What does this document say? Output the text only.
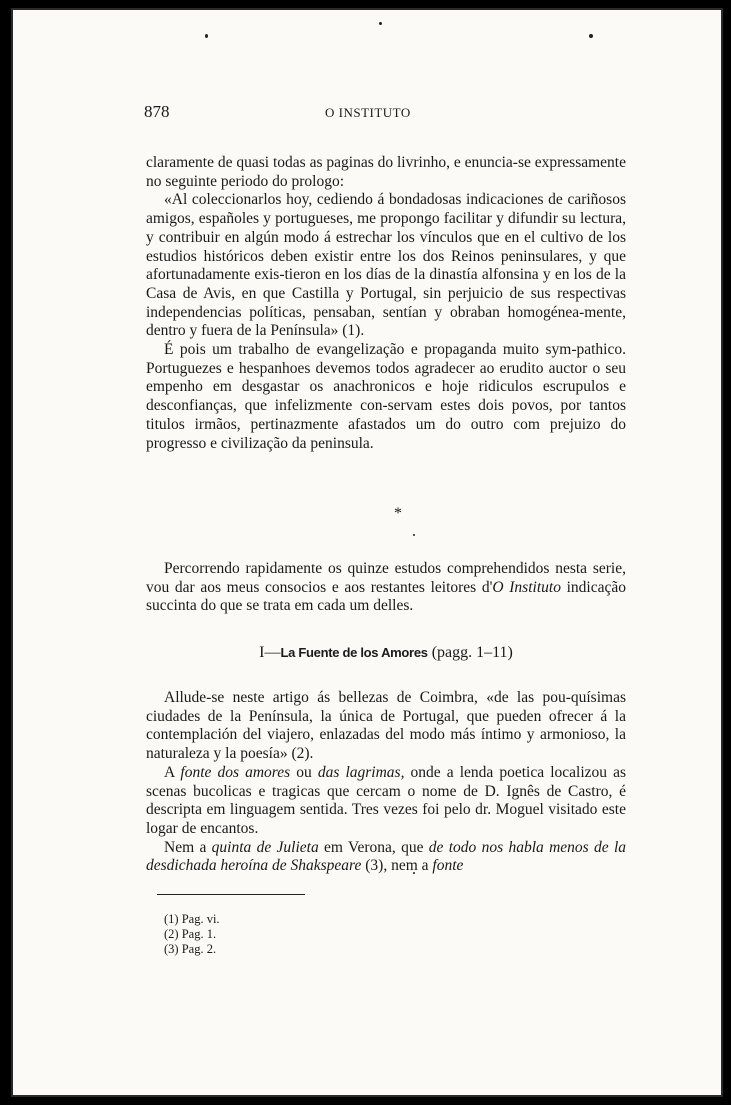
878	O INSTITUTO

claramente de quasi todas as paginas do livrinho, e enuncia-se expressamente no seguinte periodo do prologo:

«Al coleccionarlos hoy, cediendo á bondadosas indicaciones de cariñosos amigos, españoles y portugueses, me propongo facilitar y difundir su lectura, y contribuir en algún modo á estrechar los vínculos que en el cultivo de los estudios históricos deben existir entre los dos Reinos peninsulares, y que afortunadamente exis-tieron en los días de la dinastía alfonsina y en los de la Casa de Avis, en que Castilla y Portugal, sin perjuicio de sus respectivas independencias políticas, pensaban, sentían y obraban homogénea-mente, dentro y fuera de la Península» (1).

É pois um trabalho de evangelização e propaganda muito sym-pathico. Portuguezes e hespanhoes devemos todos agradecer ao erudito auctor o seu empenho em desgastar os anachronicos e hoje ridiculos escrupulos e desconfianças, que infelizmente con-servam estes dois povos, por tantos titulos irmãos, pertinazmente afastados um do outro com prejuizo do progresso e civilização da peninsula.

*

Percorrendo rapidamente os quinze estudos comprehendidos nesta serie, vou dar aos meus consocios e aos restantes leitores d'O Instituto indicação succinta do que se trata em cada um delles.

I—La Fuente de los Amores (pagg. 1–11)

Allude-se neste artigo ás bellezas de Coimbra, «de las pou-quísimas ciudades de la Península, la única de Portugal, que pueden ofrecer á la contemplación del viajero, enlazadas del modo más íntimo y armonioso, la naturaleza y la poesía» (2).

A fonte dos amores ou das lagrimas, onde a lenda poetica localizou as scenas bucolicas e tragicas que cercam o nome de D. Ignês de Castro, é descripta em linguagem sentida. Tres vezes foi pelo dr. Moguel visitado este logar de encantos.

Nem a quinta de Julieta em Verona, que de todo nos habla menos de la desdichada heroína de Shakspeare (3), nem a fonte

(1) Pag. vi.
(2) Pag. 1.
(3) Pag. 2.
